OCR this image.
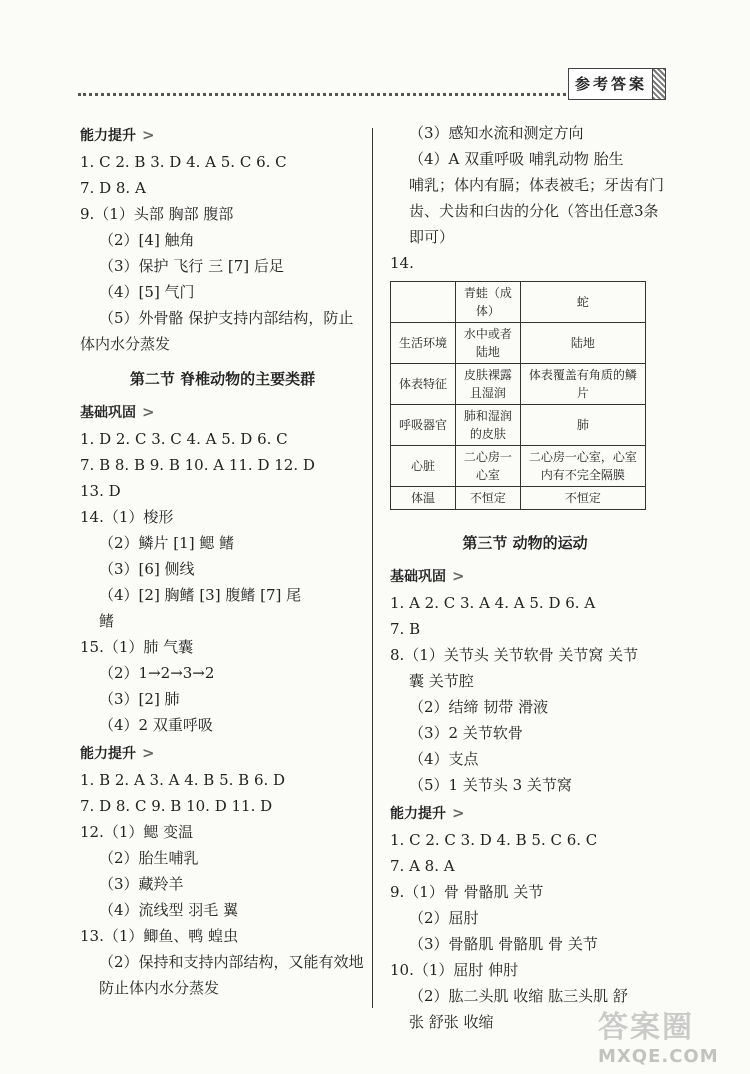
参考答案
能力提升 >
1. C 2. B 3. D 4. A 5. C 6. C
7. D 8. A
9.（1）头部 胸部 腹部
（2）[4] 触角
（3）保护 飞行 三 [7] 后足
（4）[5] 气门
（5）外骨骼 保护支持内部结构，防止
体内水分蒸发
第二节 脊椎动物的主要类群
基础巩固 >
1. D 2. C 3. C 4. A 5. D 6. C
7. B 8. B 9. B 10. A 11. D 12. D
13. D
14.（1）梭形
（2）鳞片 [1] 鳃 鳍
（3）[6] 侧线
（4）[2] 胸鳍 [3] 腹鳍 [7] 尾
鳍
15.（1）肺 气囊
（2）1→2→3→2
（3）[2] 肺
（4）2 双重呼吸
能力提升 >
1. B 2. A 3. A 4. B 5. B 6. D
7. D 8. C 9. B 10. D 11. D
12.（1）鳃 变温
（2）胎生哺乳
（3）藏羚羊
（4）流线型 羽毛 翼
13.（1）鲫鱼、鸭 蝗虫
（2）保持和支持内部结构，又能有效地
防止体内水分蒸发
（3）感知水流和测定方向
（4）A 双重呼吸 哺乳动物 胎生
哺乳；体内有膈；体表被毛；牙齿有门
齿、犬齿和臼齿的分化（答出任意3条
即可）
14.
	青蛙（成体）	蛇
生活环境	水中或者陆地	陆地
体表特征	皮肤裸露且湿润	体表覆盖有角质的鳞片
呼吸器官	肺和湿润的皮肤	肺
心脏	二心房一心室	二心房一心室，心室内有不完全隔膜
体温	不恒定	不恒定
第三节 动物的运动
基础巩固 >
1. A 2. C 3. A 4. A 5. D 6. A
7. B
8.（1）关节头 关节软骨 关节窝 关节
囊 关节腔
（2）结缔 韧带 滑液
（3）2 关节软骨
（4）支点
（5）1 关节头 3 关节窝
能力提升 >
1. C 2. C 3. D 4. B 5. C 6. C
7. A 8. A
9.（1）骨 骨骼肌 关节
（2）屈肘
（3）骨骼肌 骨骼肌 骨 关节
10.（1）屈肘 伸肘
（2）肱二头肌 收缩 肱三头肌 舒
张 舒张 收缩	答案圈
MXQE.COM
